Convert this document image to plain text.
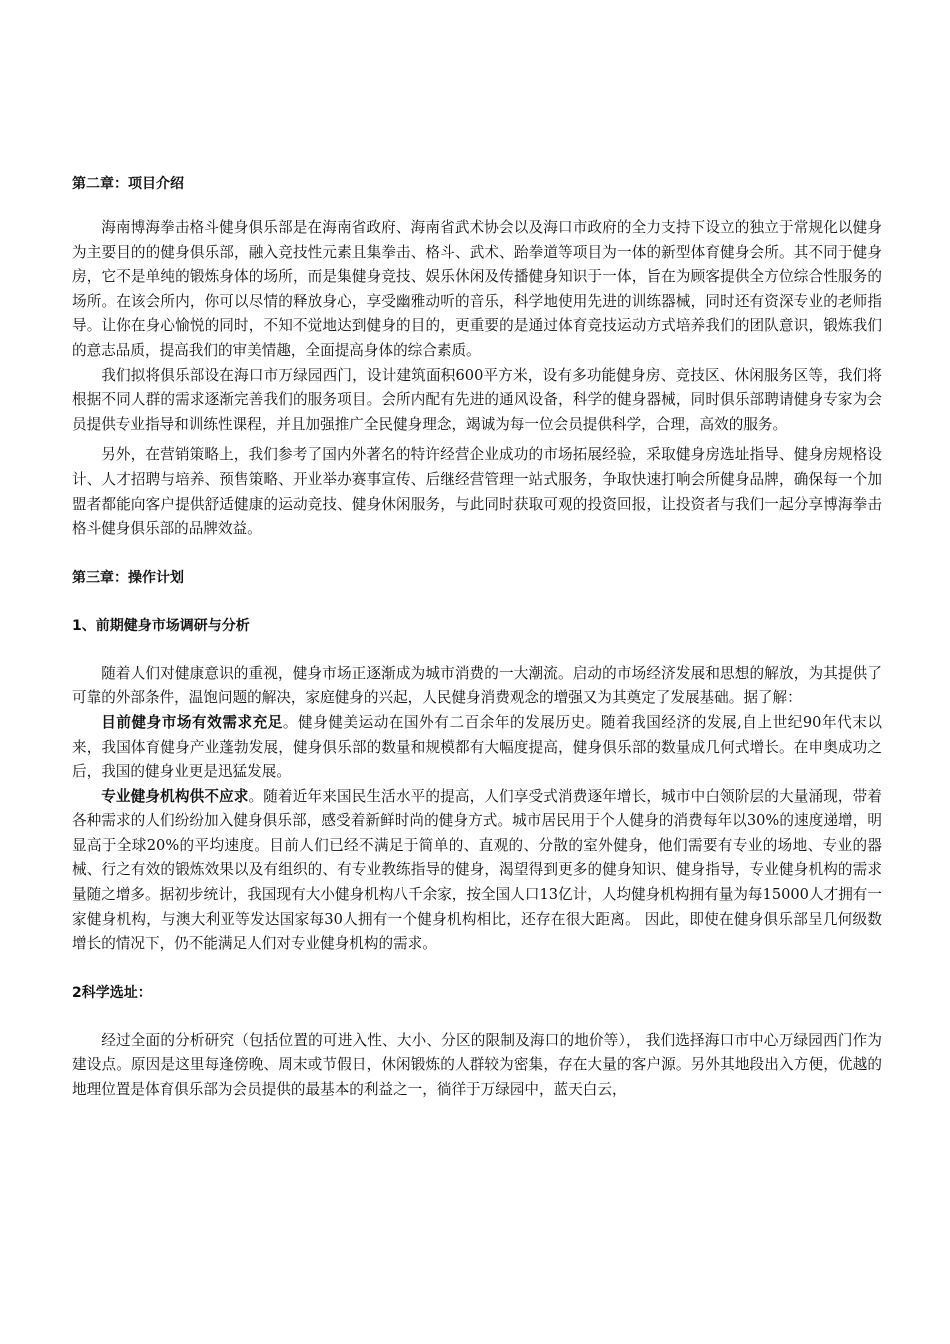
第二章：项目介绍

海南博海拳击格斗健身俱乐部是在海南省政府、海南省武术协会以及海口市政府的全力支持下设立的独立于常规化以健身为主要目的的健身俱乐部，融入竞技性元素且集拳击、格斗、武术、跆拳道等项目为一体的新型体育健身会所。其不同于健身房，它不是单纯的锻炼身体的场所，而是集健身竞技、娱乐休闲及传播健身知识于一体，旨在为顾客提供全方位综合性服务的场所。在该会所内，你可以尽情的释放身心，享受幽雅动听的音乐，科学地使用先进的训练器械，同时还有资深专业的老师指导。让你在身心愉悦的同时，不知不觉地达到健身的目的，更重要的是通过体育竞技运动方式培养我们的团队意识，锻炼我们的意志品质，提高我们的审美情趣，全面提高身体的综合素质。

我们拟将俱乐部设在海口市万绿园西门，设计建筑面积600平方米，设有多功能健身房、竞技区、休闲服务区等，我们将根据不同人群的需求逐渐完善我们的服务项目。会所内配有先进的通风设备，科学的健身器械，同时俱乐部聘请健身专家为会员提供专业指导和训练性课程，并且加强推广全民健身理念，竭诚为每一位会员提供科学，合理，高效的服务。

另外，在营销策略上，我们参考了国内外著名的特许经营企业成功的市场拓展经验，采取健身房选址指导、健身房规格设计、人才招聘与培养、预售策略、开业举办赛事宣传、后继经营管理一站式服务，争取快速打响会所健身品牌，确保每一个加盟者都能向客户提供舒适健康的运动竞技、健身休闲服务，与此同时获取可观的投资回报，让投资者与我们一起分享博海拳击格斗健身俱乐部的品牌效益。

第三章：操作计划
1、前期健身市场调研与分析

随着人们对健康意识的重视，健身市场正逐渐成为城市消费的一大潮流。启动的市场经济发展和思想的解放，为其提供了可靠的外部条件，温饱问题的解决，家庭健身的兴起，人民健身消费观念的增强又为其奠定了发展基础。据了解：

目前健身市场有效需求充足。健身健美运动在国外有二百余年的发展历史。随着我国经济的发展,自上世纪90年代末以来，我国体育健身产业蓬勃发展，健身俱乐部的数量和规模都有大幅度提高，健身俱乐部的数量成几何式增长。在申奥成功之后，我国的健身业更是迅猛发展。

专业健身机构供不应求。随着近年来国民生活水平的提高，人们享受式消费逐年增长，城市中白领阶层的大量涌现，带着各种需求的人们纷纷加入健身俱乐部，感受着新鲜时尚的健身方式。城市居民用于个人健身的消费每年以30%的速度递增，明显高于全球20%的平均速度。目前人们已经不满足于简单的、直观的、分散的室外健身，他们需要有专业的场地、专业的器械、行之有效的锻炼效果以及有组织的、有专业教练指导的健身，渴望得到更多的健身知识、健身指导，专业健身机构的需求量随之增多。据初步统计，我国现有大小健身机构八千余家，按全国人口13亿计，人均健身机构拥有量为每15000人才拥有一家健身机构，与澳大利亚等发达国家每30人拥有一个健身机构相比，还存在很大距离。 因此，即使在健身俱乐部呈几何级数增长的情况下，仍不能满足人们对专业健身机构的需求。

2科学选址：

经过全面的分析研究（包括位置的可进入性、大小、分区的限制及海口的地价等）， 我们选择海口市中心万绿园西门作为建设点。原因是这里每逢傍晚、周末或节假日，休闲锻炼的人群较为密集，存在大量的客户源。另外其地段出入方便，优越的地理位置是体育俱乐部为会员提供的最基本的利益之一，徜徉于万绿园中，蓝天白云，
